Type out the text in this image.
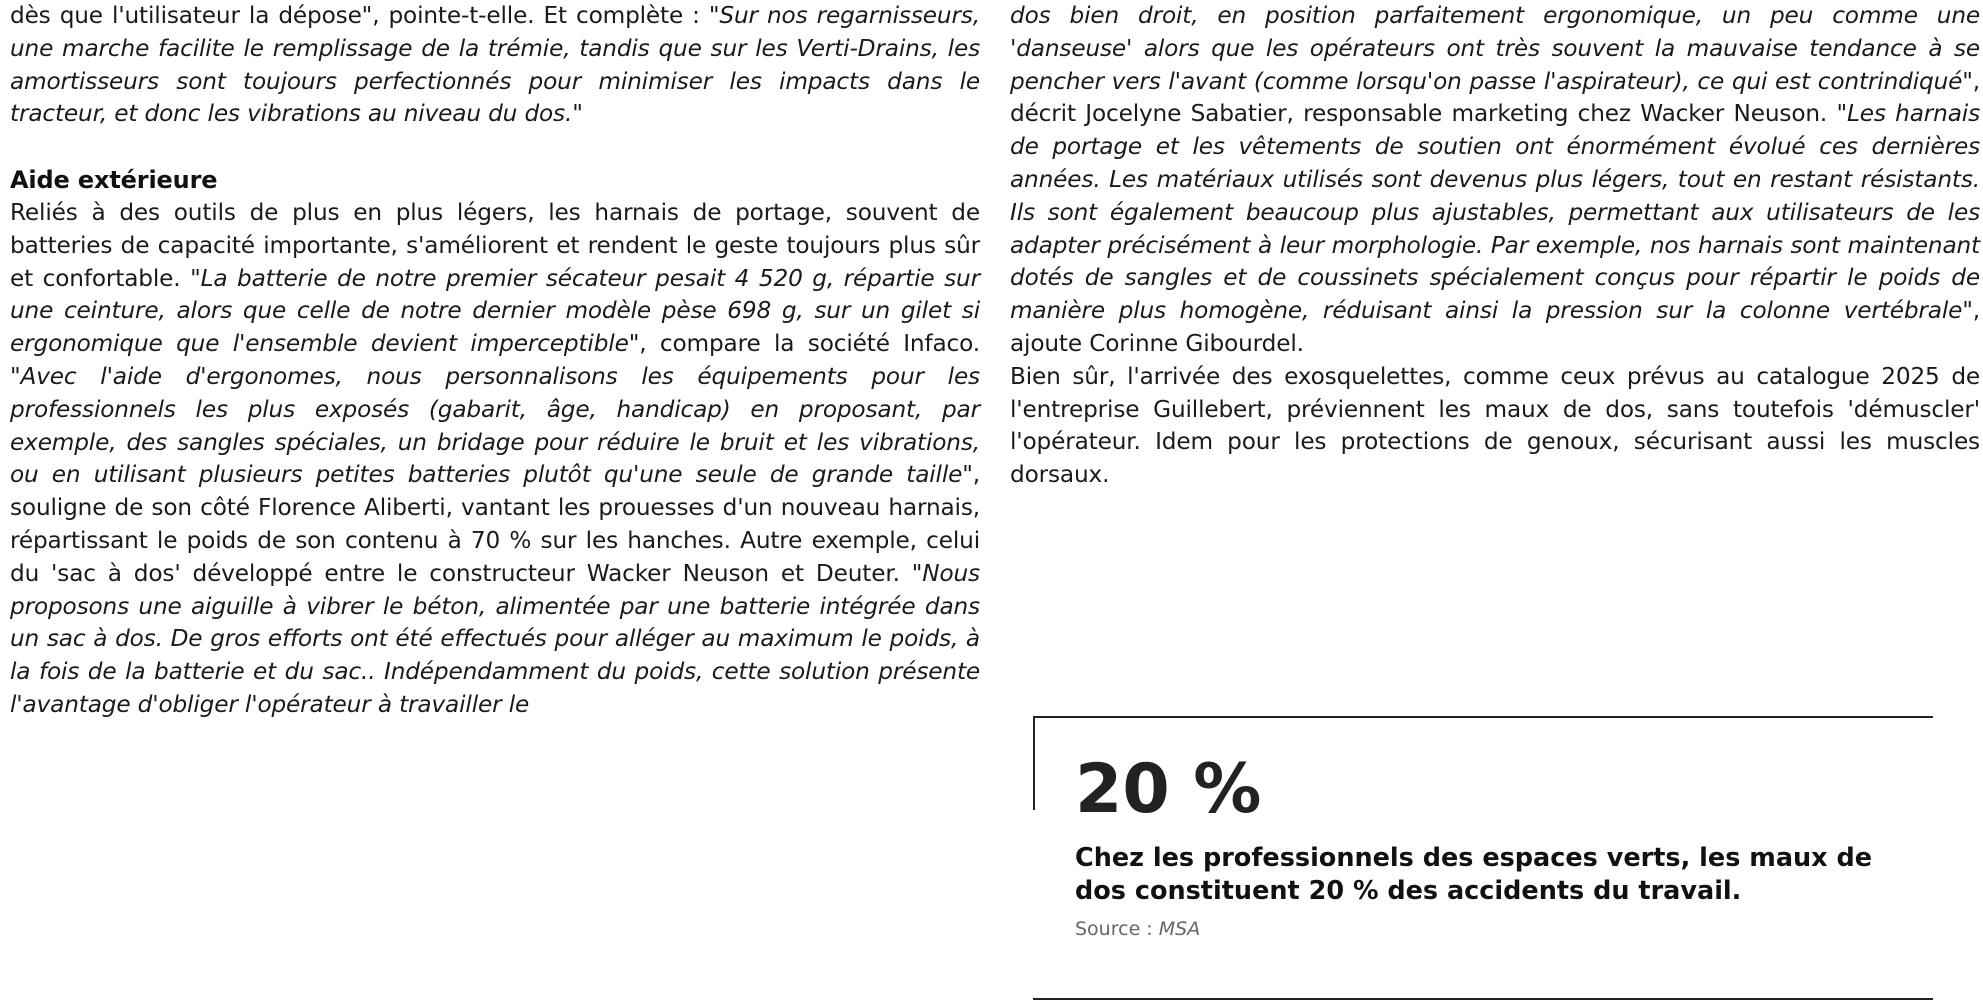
dès que l'utilisateur la dépose", pointe-t-elle. Et complète : "Sur nos regarnisseurs, une marche facilite le remplissage de la trémie, tandis que sur les Verti-Drains, les amortisseurs sont toujours perfectionnés pour minimiser les impacts dans le tracteur, et donc les vibrations au niveau du dos."

Aide extérieure

Reliés à des outils de plus en plus légers, les harnais de portage, souvent de batteries de capacité importante, s'améliorent et rendent le geste toujours plus sûr et confortable. "La batterie de notre premier sécateur pesait 4 520 g, répartie sur une ceinture, alors que celle de notre dernier modèle pèse 698 g, sur un gilet si ergonomique que l'ensemble devient imperceptible", compare la société Infaco. "Avec l'aide d'ergonomes, nous personnalisons les équipements pour les professionnels les plus exposés (gabarit, âge, handicap) en proposant, par exemple, des sangles spéciales, un bridage pour réduire le bruit et les vibrations, ou en utilisant plusieurs petites batteries plutôt qu'une seule de grande taille", souligne de son côté Florence Aliberti, vantant les prouesses d'un nouveau harnais, répartissant le poids de son contenu à 70 % sur les hanches. Autre exemple, celui du 'sac à dos' développé entre le constructeur Wacker Neuson et Deuter. "Nous proposons une aiguille à vibrer le béton, alimentée par une batterie intégrée dans un sac à dos. De gros efforts ont été effectués pour alléger au maximum le poids, à la fois de la batterie et du sac.. Indépendamment du poids, cette solution présente l'avantage d'obliger l'opérateur à travailler le

dos bien droit, en position parfaitement ergonomique, un peu comme une 'danseuse' alors que les opérateurs ont très souvent la mauvaise tendance à se pencher vers l'avant (comme lorsqu'on passe l'aspirateur), ce qui est contrindiqué", décrit Jocelyne Sabatier, responsable marketing chez Wacker Neuson. "Les harnais de portage et les vêtements de soutien ont énormément évolué ces dernières années. Les matériaux utilisés sont devenus plus légers, tout en restant résistants. Ils sont également beaucoup plus ajustables, permettant aux utilisateurs de les adapter précisément à leur morphologie. Par exemple, nos harnais sont maintenant dotés de sangles et de coussinets spécialement conçus pour répartir le poids de manière plus homogène, réduisant ainsi la pression sur la colonne vertébrale", ajoute Corinne Gibourdel.

Bien sûr, l'arrivée des exosquelettes, comme ceux prévus au catalogue 2025 de l'entreprise Guillebert, préviennent les maux de dos, sans toutefois 'démuscler' l'opérateur. Idem pour les protections de genoux, sécurisant aussi les muscles dorsaux.

20 %
Chez les professionnels des espaces verts, les maux de dos constituent 20 % des accidents du travail.
Source : MSA
